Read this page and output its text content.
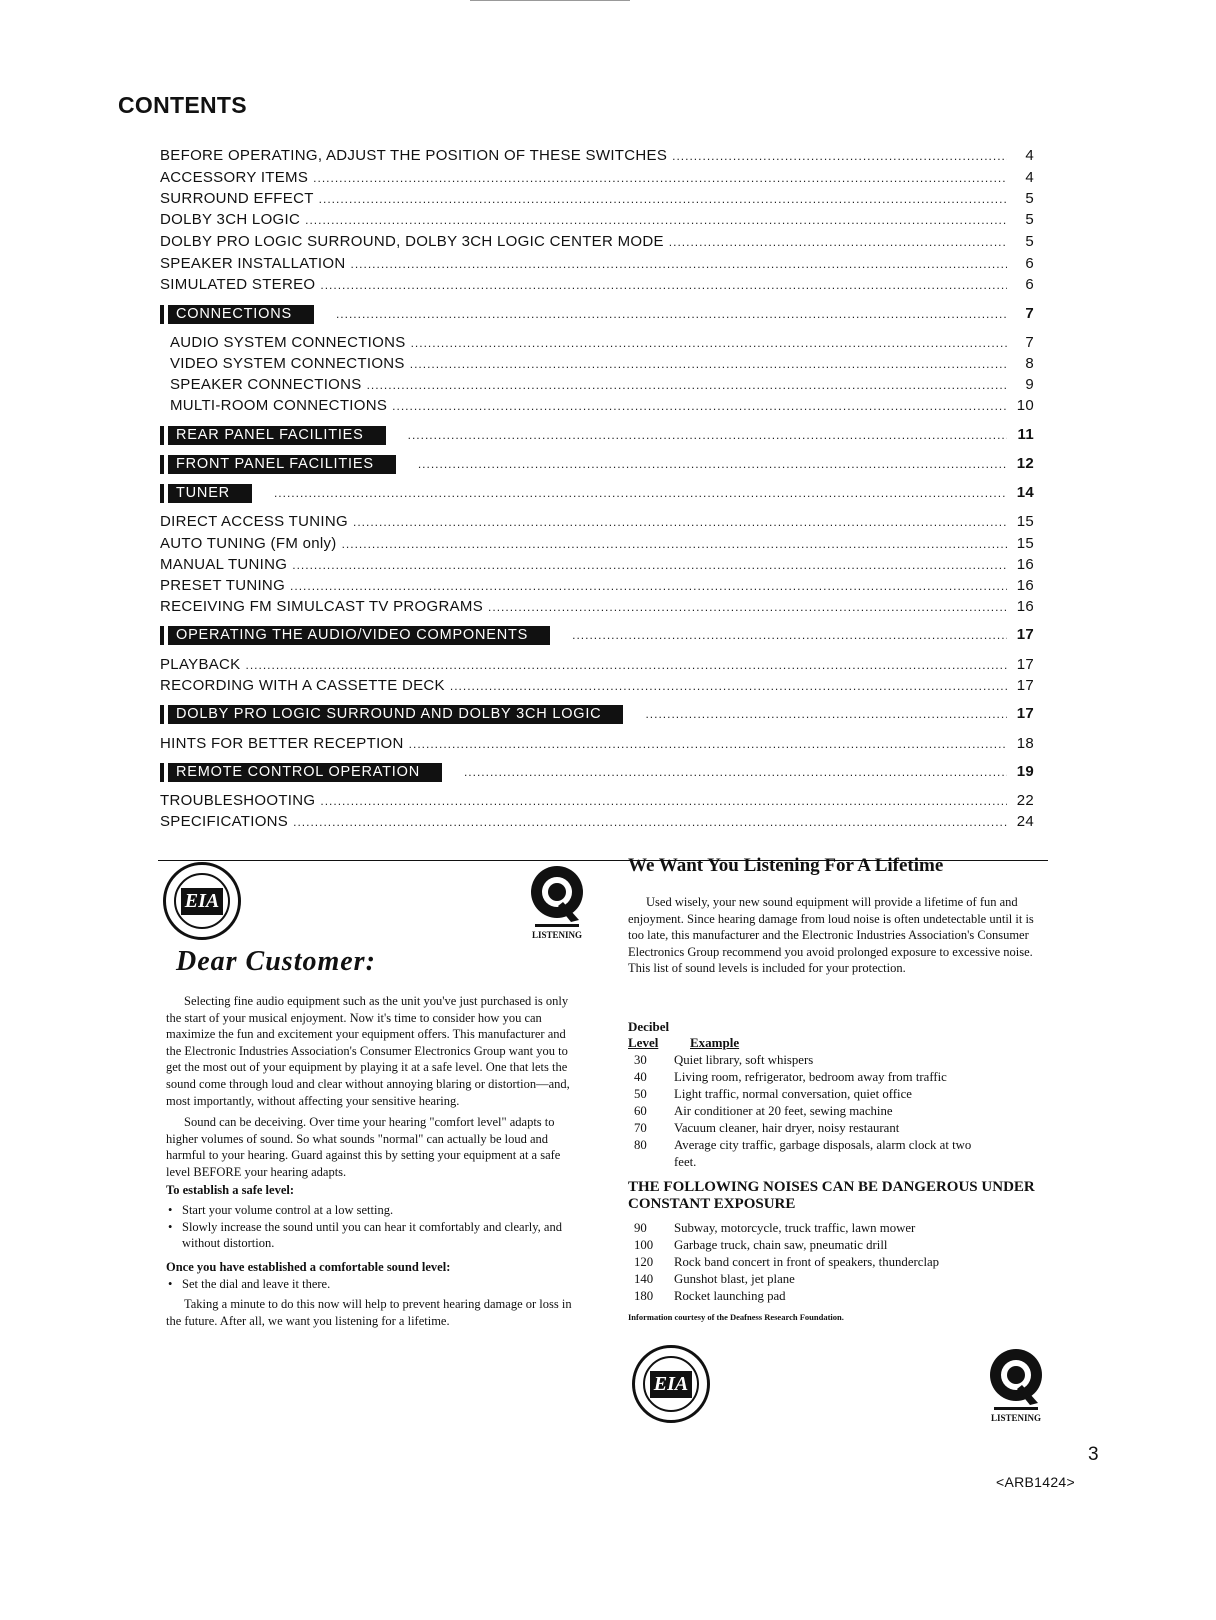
CONTENTS
BEFORE OPERATING, ADJUST THE POSITION OF THESE SWITCHES .....	4
ACCESSORY ITEMS .....	4
SURROUND EFFECT .....	5
DOLBY 3CH LOGIC .....	5
DOLBY PRO LOGIC SURROUND, DOLBY 3CH LOGIC CENTER MODE .....	5
SPEAKER INSTALLATION .....	6
SIMULATED STEREO .....	6
CONNECTIONS .....	7
AUDIO SYSTEM CONNECTIONS .....	7
VIDEO SYSTEM CONNECTIONS .....	8
SPEAKER CONNECTIONS .....	9
MULTI-ROOM CONNECTIONS .....	10
REAR PANEL FACILITIES .....	11
FRONT PANEL FACILITIES .....	12
TUNER .....	14
DIRECT ACCESS TUNING .....	15
AUTO TUNING (FM only) .....	15
MANUAL TUNING .....	16
PRESET TUNING .....	16
RECEIVING FM SIMULCAST TV PROGRAMS .....	16
OPERATING THE AUDIO/VIDEO COMPONENTS .....	17
PLAYBACK .....	17
RECORDING WITH A CASSETTE DECK .....	17
DOLBY PRO LOGIC SURROUND AND DOLBY 3CH LOGIC .....	17
HINTS FOR BETTER RECEPTION .....	18
REMOTE CONTROL OPERATION .....	19
TROUBLESHOOTING .....	22
SPECIFICATIONS .....	24
EIA
LISTENING
EIA
LISTENING
Dear Customer:

Selecting fine audio equipment such as the unit you've just purchased is only the start of your musical enjoyment. Now it's time to consider how you can maximize the fun and excitement your equipment offers. This manufacturer and the Electronic Industries Association's Consumer Electronics Group want you to get the most out of your equipment by playing it at a safe level. One that lets the sound come through loud and clear without annoying blaring or distortion—and, most importantly, without affecting your sensitive hearing.

Sound can be deceiving. Over time your hearing "comfort level" adapts to higher volumes of sound. So what sounds "normal" can actually be loud and harmful to your hearing. Guard against this by setting your equipment at a safe level BEFORE your hearing adapts.

To establish a safe level:
• Start your volume control at a low setting.
• Slowly increase the sound until you can hear it comfortably and clearly, and without distortion.
Once you have established a comfortable sound level:
• Set the dial and leave it there.

Taking a minute to do this now will help to prevent hearing damage or loss in the future. After all, we want you listening for a lifetime.

We Want You Listening For A Lifetime

Used wisely, your new sound equipment will provide a lifetime of fun and enjoyment. Since hearing damage from loud noise is often undetectable until it is too late, this manufacturer and the Electronic Industries Association's Consumer Electronics Group recommend you avoid prolonged exposure to excessive noise. This list of sound levels is included for your protection.

Decibel
Level Example
30	Quiet library, soft whispers
40	Living room, refrigerator, bedroom away from traffic
50	Light traffic, normal conversation, quiet office
60	Air conditioner at 20 feet, sewing machine
70	Vacuum cleaner, hair dryer, noisy restaurant
80	Average city traffic, garbage disposals, alarm clock at two feet.
THE FOLLOWING NOISES CAN BE DANGEROUS UNDER CONSTANT EXPOSURE
90	Subway, motorcycle, truck traffic, lawn mower
100	Garbage truck, chain saw, pneumatic drill
120	Rock band concert in front of speakers, thunderclap
140	Gunshot blast, jet plane
180	Rocket launching pad
Information courtesy of the Deafness Research Foundation.
3
<ARB1424>
